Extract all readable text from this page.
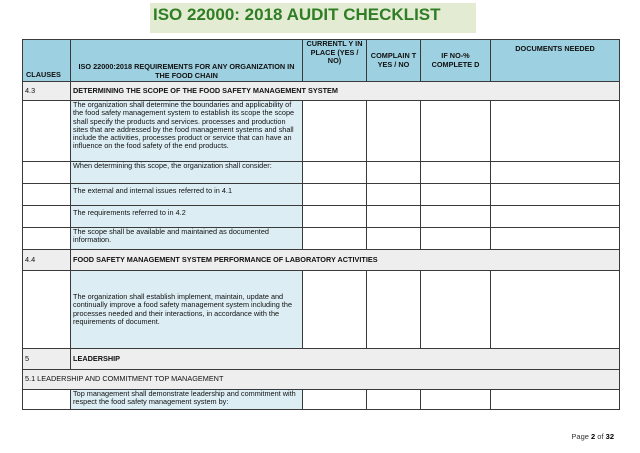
ISO 22000: 2018 AUDIT CHECKLIST
CLAUSES	ISO 22000:2018 REQUIREMENTS FOR ANY ORGANIZATION IN THE FOOD CHAIN	CURRENTL Y IN PLACE (YES / NO)	COMPLAIN T YES / NO	IF NO-% COMPLETE D	DOCUMENTS NEEDED
4.3	DETERMINING THE SCOPE OF THE FOOD SAFETY MANAGEMENT SYSTEM				
	The organization shall determine the boundaries and applicability of the food safety management system to establish its scope the scope shall specify the products and services. processes and production sites that are addressed by the food management systems and shall include the activities, processes product or service that can have an influence on the food safety of the end products.				
	When determining this scope, the organization shall consider:				
	The external and internal issues referred to in 4.1				
	The requirements referred to in 4.2				
	The scope shall be available and maintained as documented information.				
4.4	FOOD SAFETY MANAGEMENT SYSTEM PERFORMANCE OF LABORATORY ACTIVITIES				
	The organization shall establish implement, maintain, update and continually improve a food safety management system including the processes needed and their interactions, in accordance with the requirements of document.				
5	LEADERSHIP				
5.1 LEADERSHIP AND COMMITMENT TOP MANAGEMENT					
	Top management shall demonstrate leadership and commitment with respect the food safety management system by:				
Page 2 of 32
